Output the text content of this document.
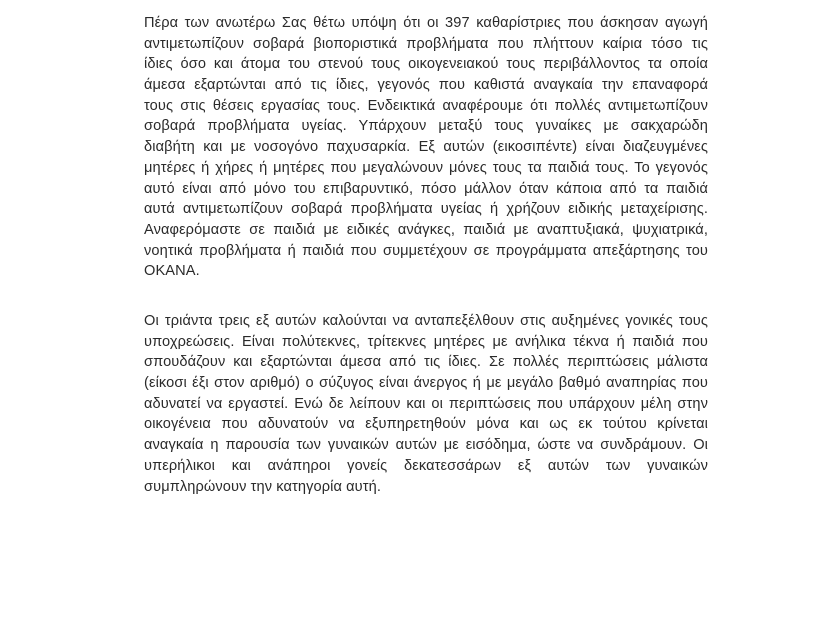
Πέρα των ανωτέρω Σας θέτω υπόψη ότι οι 397 καθαρίστριες που άσκησαν αγωγή
αντιμετωπίζουν σοβαρά βιοποριστικά προβλήματα που πλήττουν καίρια τόσο τις
ίδιες όσο και άτομα του στενού τους οικογενειακού τους περιβάλλοντος τα οποία
άμεσα εξαρτώνται από τις ίδιες, γεγονός που καθιστά αναγκαία την επαναφορά
τους στις θέσεις εργασίας τους. Ενδεικτικά αναφέρουμε ότι πολλές αντιμετωπίζουν
σοβαρά προβλήματα υγείας. Υπάρχουν μεταξύ τους γυναίκες με σακχαρώδη
διαβήτη και με νοσογόνο παχυσαρκία. Εξ αυτών (εικοσιπέντε) είναι διαζευγμένες
μητέρες ή χήρες ή μητέρες που μεγαλώνουν μόνες τους τα παιδιά τους. Το γεγονός
αυτό είναι από μόνο του επιβαρυντικό, πόσο μάλλον όταν κάποια από τα παιδιά
αυτά αντιμετωπίζουν σοβαρά προβλήματα υγείας ή χρήζουν ειδικής μεταχείρισης.
Αναφερόμαστε σε παιδιά με ειδικές ανάγκες, παιδιά με αναπτυξιακά, ψυχιατρικά,
νοητικά προβλήματα ή παιδιά που συμμετέχουν σε προγράμματα απεξάρτησης του
ΟΚΑΝΑ.
Οι τριάντα τρεις εξ αυτών καλούνται να ανταπεξέλθουν στις αυξημένες γονικές τους
υποχρεώσεις. Είναι πολύτεκνες, τρίτεκνες μητέρες με ανήλικα τέκνα ή παιδιά που
σπουδάζουν και εξαρτώνται άμεσα από τις ίδιες. Σε πολλές περιπτώσεις μάλιστα
(είκοσι έξι στον αριθμό) ο σύζυγος είναι άνεργος ή με μεγάλο βαθμό αναπηρίας που
αδυνατεί να εργαστεί. Ενώ δε λείπουν και οι περιπτώσεις που υπάρχουν μέλη στην
οικογένεια που αδυνατούν να εξυπηρετηθούν μόνα και ως εκ τούτου κρίνεται
αναγκαία η παρουσία των γυναικών αυτών με εισόδημα, ώστε να συνδράμουν. Οι
υπερήλικοι και ανάπηροι γονείς δεκατεσσάρων εξ αυτών των γυναικών
συμπληρώνουν την κατηγορία αυτή.
